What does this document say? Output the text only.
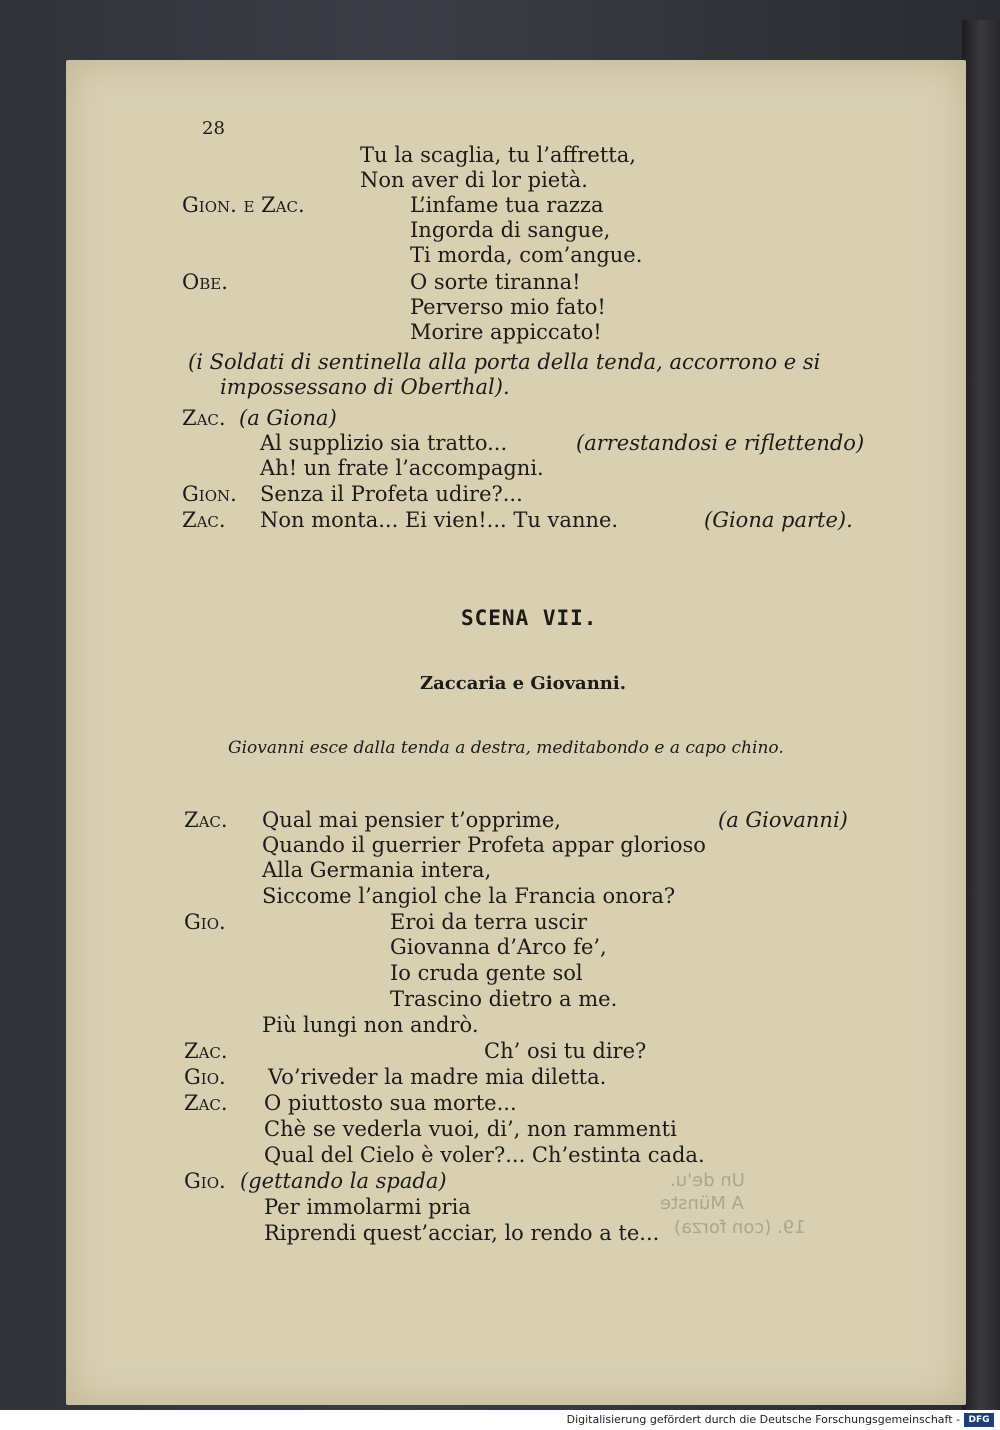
28
Tu la scaglia, tu l’affretta,
Non aver di lor pietà.
Gion. e Zac.	L’infame tua razza
Ingorda di sangue,
Ti morda, com’angue.
Obe.	O sorte tiranna!
Perverso mio fato!
Morire appiccato!
(i Soldati di sentinella alla porta della tenda, accorrono e si
impossessano di Oberthal).
Zac. (a Giona)
Al supplizio sia tratto...	(arrestandosi e riflettendo)
Ah! un frate l’accompagni.
Gion. Senza il Profeta udire?...
Zac. Non monta... Ei vien!... Tu vanne.	(Giona parte).
SCENA VII.
Zaccaria e Giovanni.
Giovanni esce dalla tenda a destra, meditabondo e a capo chino.
Zac. Qual mai pensier t’opprime,	(a Giovanni)
Quando il guerrier Profeta appar glorioso
Alla Germania intera,
Siccome l’angiol che la Francia onora?
Gio.	Eroi da terra uscir
Giovanna d’Arco fe’,
Io cruda gente sol
Trascino dietro a me.
Più lungi non andrò.
Zac.	Ch’ osi tu dire?
Gio. Vo’riveder la madre mia diletta.
Zac. O piuttosto sua morte...
Chè se vederla vuoi, di’, non rammenti
Qual del Cielo è voler?... Ch’estinta cada.
Gio. (gettando la spada)
Per immolarmi pria
Riprendi quest’acciar, lo rendo a te...
Un de'u.
A Münste
19. (con forza)
Digitalisierung gefördert durch die Deutsche Forschungsgemeinschaft - DFG
